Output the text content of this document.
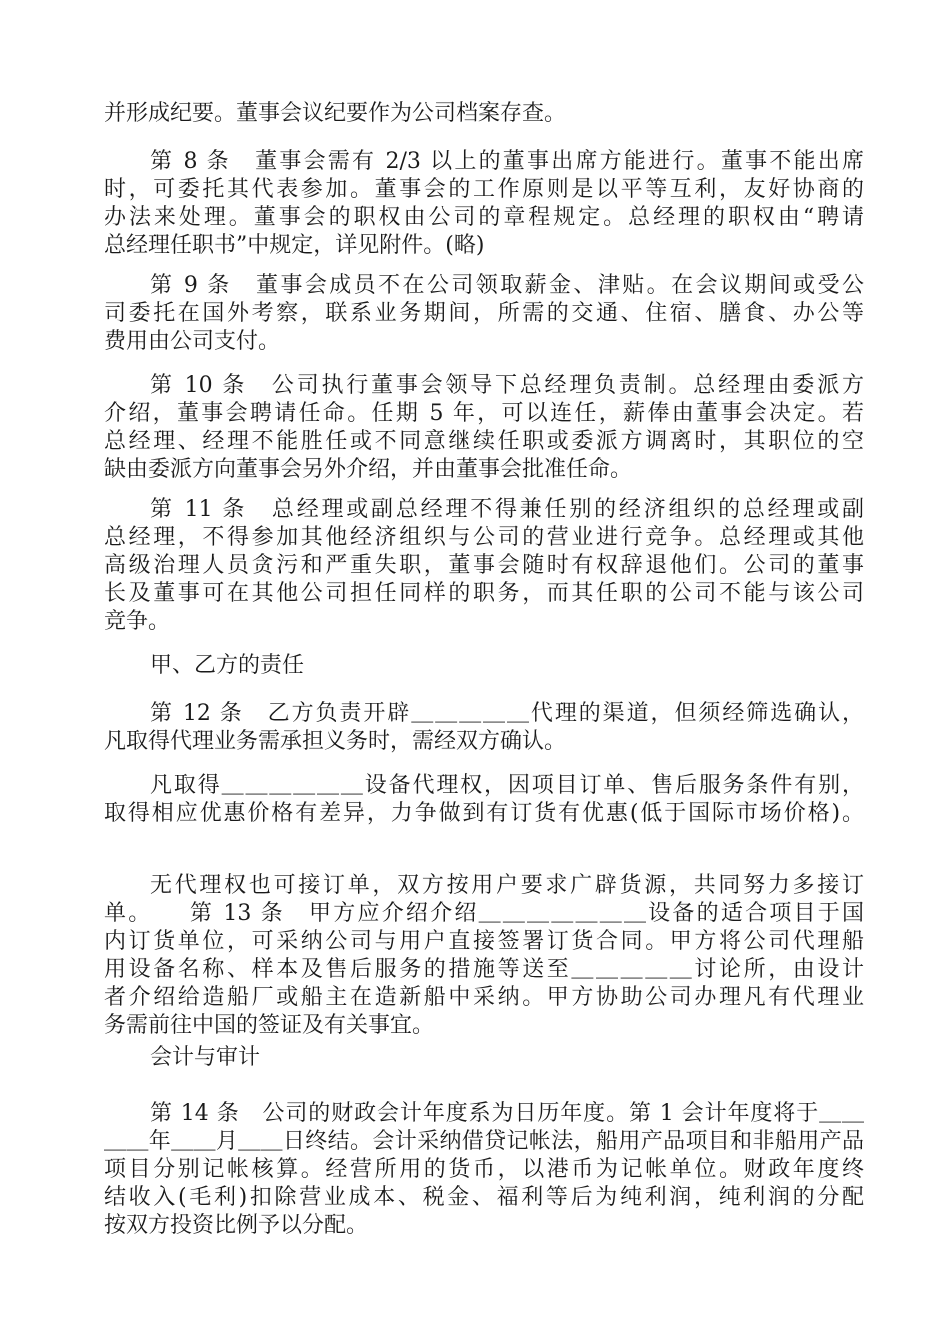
并形成纪要。董事会议纪要作为公司档案存查。
第 8 条　董事会需有 2/3 以上的董事出席方能进行。董事不能出席
时，可委托其代表参加。董事会的工作原则是以平等互利，友好协商的
办法来处理。董事会的职权由公司的章程规定。总经理的职权由“聘请
总经理任职书”中规定，详见附件。(略)
第 9 条　董事会成员不在公司领取薪金、津贴。在会议期间或受公
司委托在国外考察，联系业务期间，所需的交通、住宿、膳食、办公等
费用由公司支付。
第 10 条　公司执行董事会领导下总经理负责制。总经理由委派方
介绍，董事会聘请任命。任期 5 年，可以连任，薪俸由董事会决定。若
总经理、经理不能胜任或不同意继续任职或委派方调离时，其职位的空
缺由委派方向董事会另外介绍，并由董事会批准任命。
第 11 条　总经理或副总经理不得兼任别的经济组织的总经理或副
总经理，不得参加其他经济组织与公司的营业进行竞争。总经理或其他
高级治理人员贪污和严重失职，董事会随时有权辞退他们。公司的董事
长及董事可在其他公司担任同样的职务，而其任职的公司不能与该公司
竞争。
第 12 条　乙方负责开辟＿＿＿＿＿代理的渠道，但须经筛选确认，
凡取得代理业务需承担义务时，需经双方确认。
凡取得＿＿＿＿＿＿设备代理权，因项目订单、售后服务条件有别，
取得相应优惠价格有差异，力争做到有订货有优惠(低于国际市场价格)。
无代理权也可接订单，双方按用户要求广辟货源，共同努力多接订
单。　　第 13 条　甲方应介绍介绍＿＿＿＿＿＿＿设备的适合项目于国
内订货单位，可采纳公司与用户直接签署订货合同。甲方将公司代理船
用设备名称、样本及售后服务的措施等送至＿＿＿＿＿讨论所，由设计
者介绍给造船厂或船主在造新船中采纳。甲方协助公司办理凡有代理业
务需前往中国的签证及有关事宜。
第 14 条　公司的财政会计年度系为日历年度。第 1 会计年度将于＿＿
＿＿年＿＿月＿＿日终结。会计采纳借贷记帐法，船用产品项目和非船用产品
项目分别记帐核算。经营所用的货币，以港币为记帐单位。财政年度终
结收入(毛利)扣除营业成本、税金、福利等后为纯利润，纯利润的分配
按双方投资比例予以分配。
甲、乙方的责任
会计与审计
